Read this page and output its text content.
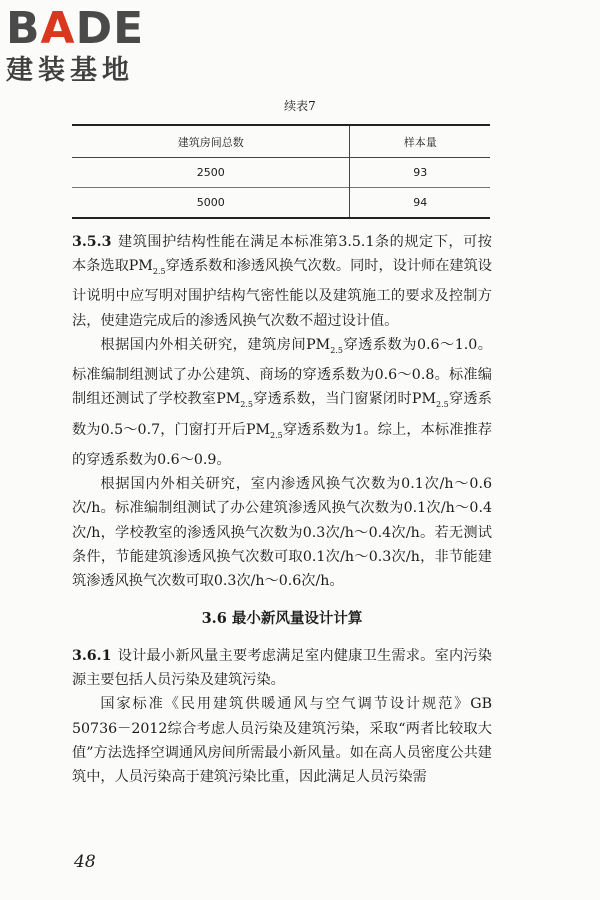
BADE
建装基地
续表7
建筑房间总数	样本量
2500	93
5000	94

3.5.3 建筑围护结构性能在满足本标准第3.5.1条的规定下，可按本条选取$PM_{2.5}$穿透系数和渗透风换气次数。同时，设计师在建筑设计说明中应写明对围护结构气密性能以及建筑施工的要求及控制方法，使建造完成后的渗透风换气次数不超过设计值。

根据国内外相关研究，建筑房间$PM_{2.5}$穿透系数为0.6～1.0。标准编制组测试了办公建筑、商场的穿透系数为0.6～0.8。标准编制组还测试了学校教室$PM_{2.5}$穿透系数，当门窗紧闭时$PM_{2.5}$穿透系数为0.5～0.7，门窗打开后$PM_{2.5}$穿透系数为1。综上，本标准推荐的穿透系数为0.6～0.9。

根据国内外相关研究，室内渗透风换气次数为0.1次/h～0.6次/h。标准编制组测试了办公建筑渗透风换气次数为0.1次/h～0.4次/h，学校教室的渗透风换气次数为0.3次/h～0.4次/h。若无测试条件，节能建筑渗透风换气次数可取0.1次/h～0.3次/h，非节能建筑渗透风换气次数可取0.3次/h～0.6次/h。

3.6 最小新风量设计计算

3.6.1 设计最小新风量主要考虑满足室内健康卫生需求。室内污染源主要包括人员污染及建筑污染。

国家标准《民用建筑供暖通风与空气调节设计规范》GB 50736－2012综合考虑人员污染及建筑污染，采取“两者比较取大值”方法选择空调通风房间所需最小新风量。如在高人员密度公共建筑中，人员污染高于建筑污染比重，因此满足人员污染需

48
